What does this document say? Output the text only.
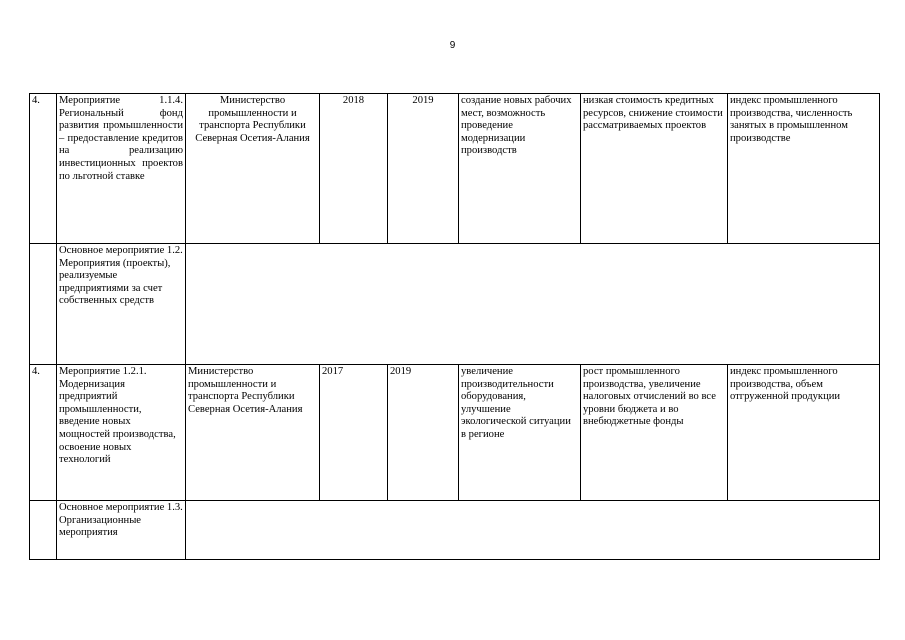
9
4.	Мероприятие 1.1.4. Региональный фонд развития промышленности – предоставление кредитов на реализацию инвестиционных проектов по льготной ставке	Министерство промышленности и транспорта Республики Северная Осетия-Алания	2018	2019	создание новых рабочих мест, возможность проведение модернизации производств	низкая стоимость кредитных ресурсов, снижение стоимости рассматриваемых проектов	индекс промышленного производства, численность занятых в промышленном производстве
	Основное мероприятие 1.2. Мероприятия (проекты), реализуемые предприятиями за счет собственных средств						
4.	Мероприятие 1.2.1. Модернизация предприятий промышленности, введение новых мощностей производства, освоение новых технологий	Министерство промышленности и транспорта Республики Северная Осетия-Алания	2017	2019	увеличение производительности оборудования, улучшение экологической ситуации в регионе	рост промышленного производства, увеличение налоговых отчислений во все уровни бюджета и во внебюджетные фонды	индекс промышленного производства, объем отгруженной продукции
	Основное мероприятие 1.3. Организационные мероприятия						
